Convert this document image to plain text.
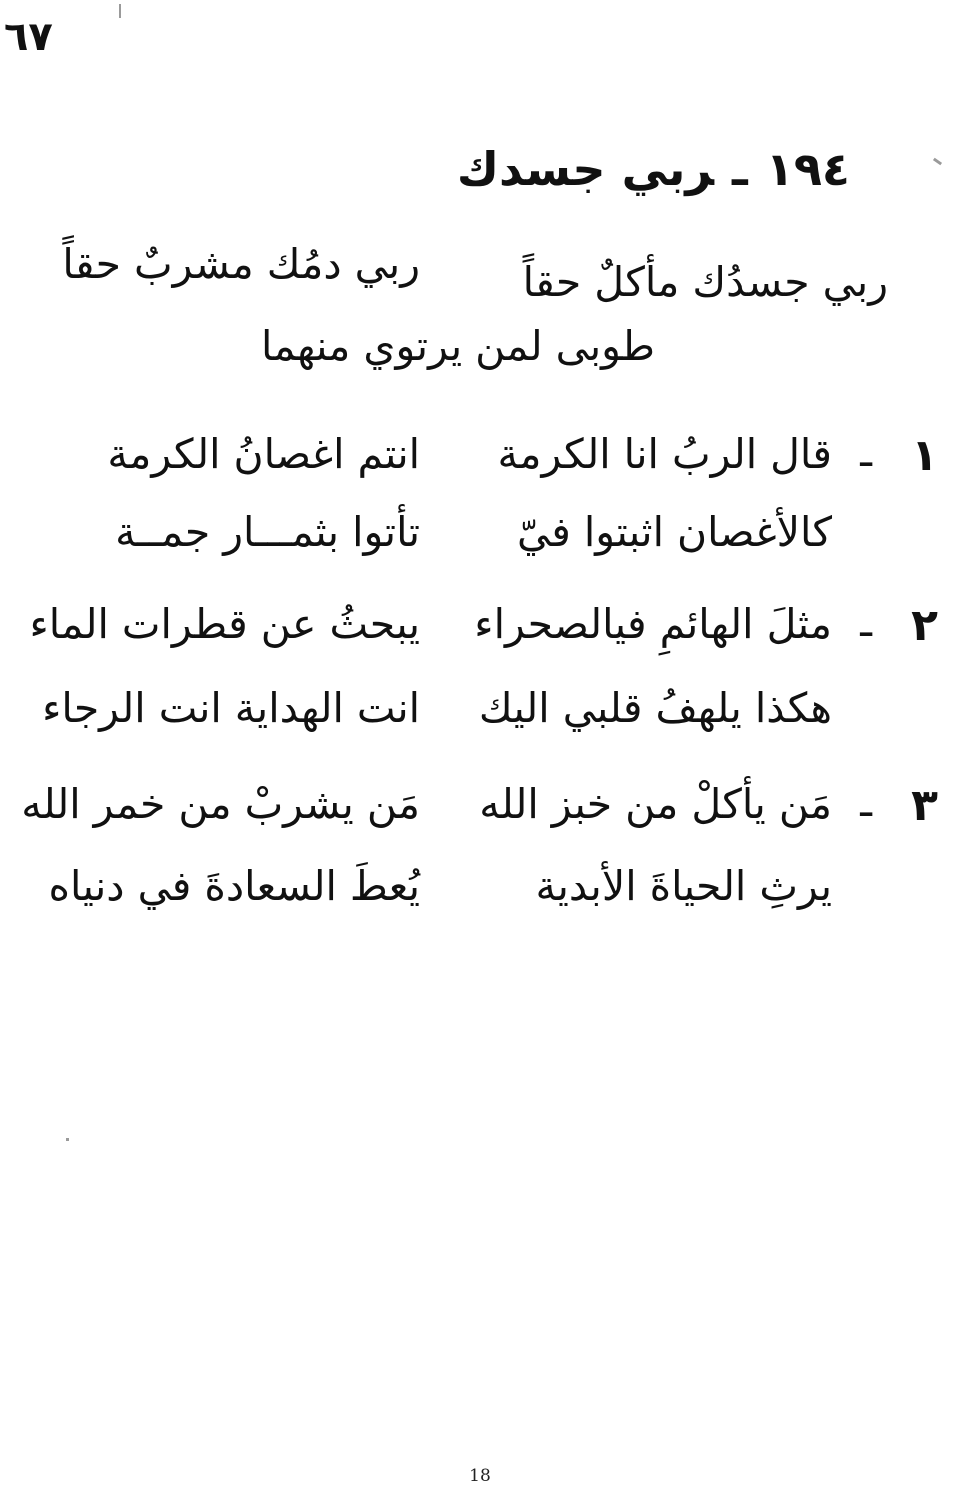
٦٧
١٩٤ـربي جسدك
ربي جسدُك مأكلٌ حقاً
ربي دمُك مشربٌ حقاً
طوبى لمن يرتوي منهما
١
ـ
قال الربُ انا الكرمة
انتم اغصانُ الكرمة
كالأغصان اثبتوا فيّ
تأتوا بثمـــار جمــة
٢
ـ
مثلَ الهائمِ فيالصحراء
يبحثُ عن قطرات الماء
هكذا يلهفُ قلبي اليك
انت الهداية انت الرجاء
٣
ـ
مَن يأكلْ من خبز الله
مَن يشربْ من خمر الله
يرثِ الحياةَ الأبدية
يُعطَ السعادةَ في دنياه
18
